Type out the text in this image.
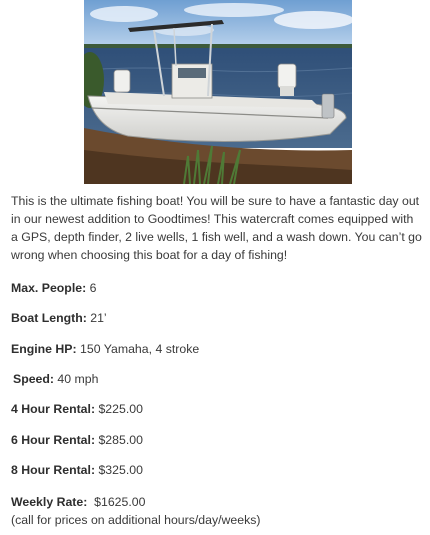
This is the ultimate fishing boat! You will be sure to have a fantastic day out in our newest addition to Goodtimes! This watercraft comes equipped with a GPS, depth finder, 2 live wells, 1 fish well, and a wash down. You can’t go wrong when choosing this boat for a day of fishing!

Max. People: 6

Boat Length: 21’

Engine HP: 150 Yamaha, 4 stroke

Speed: 40 mph

4 Hour Rental: $225.00

6 Hour Rental: $285.00

8 Hour Rental: $325.00

Weekly Rate:  $1625.00

(call for prices on additional hours/day/weeks)
